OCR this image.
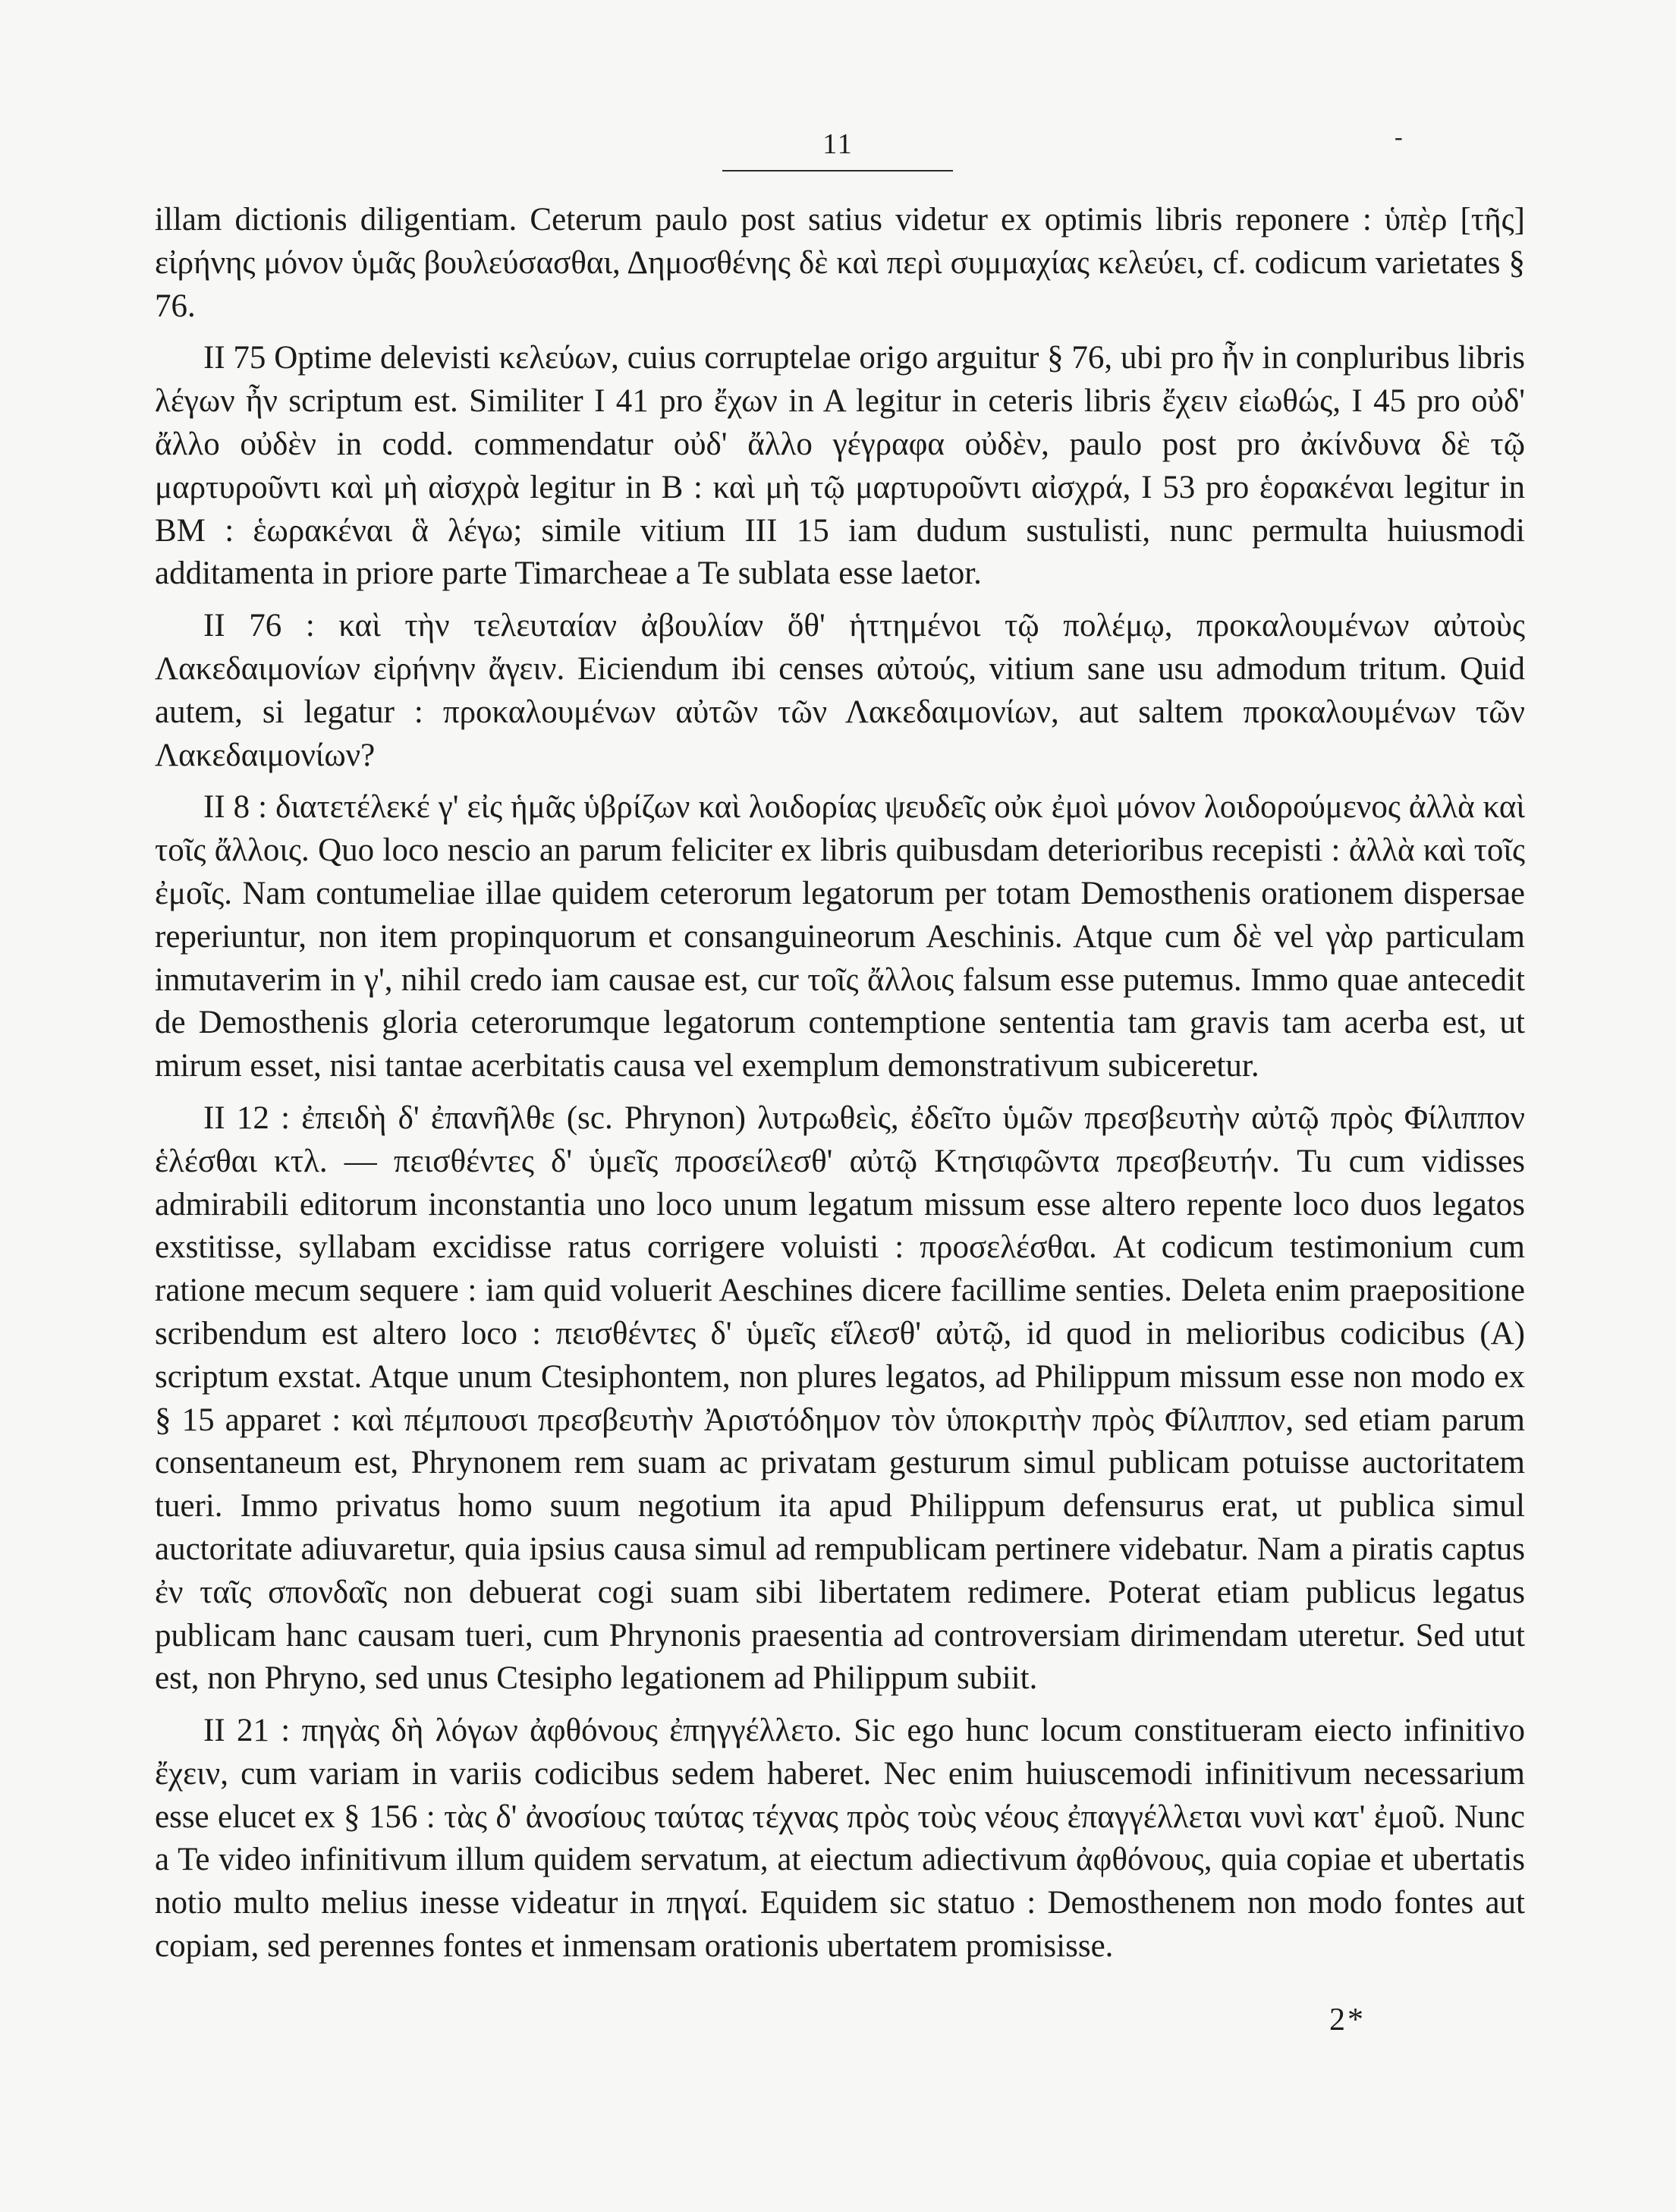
11	-

illam dictionis diligentiam. Ceterum paulo post satius videtur ex optimis libris reponere : ὑπὲρ [τῆς] εἰρήνης μόνον ὑμᾶς βουλεύσασθαι, Δημοσθένης δὲ καὶ περὶ συμμαχίας κελεύει, cf. codicum varietates § 76.

II 75 Optime delevisti κελεύων, cuius corruptelae origo arguitur § 76, ubi pro ἦν in conpluribus libris λέγων ἦν scriptum est. Similiter I 41 pro ἔχων in A legitur in ceteris libris ἔχειν εἰωθώς, I 45 pro οὐδ' ἄλλο οὐδὲν in codd. commendatur οὐδ' ἄλλο γέγραφα οὐδὲν, paulo post pro ἀκίνδυνα δὲ τῷ μαρτυροῦντι καὶ μὴ αἰσχρὰ legitur in B : καὶ μὴ τῷ μαρτυροῦντι αἰσχρά, I 53 pro ἑορακέναι legitur in BM : ἑωρακέναι ἃ λέγω; simile vitium III 15 iam dudum sustulisti, nunc permulta huiusmodi additamenta in priore parte Timarcheae a Te sublata esse laetor.

II 76 : καὶ τὴν τελευταίαν ἀβουλίαν ὅθ' ἡττημένοι τῷ πολέμῳ, προκαλουμένων αὐτοὺς Λακεδαιμονίων εἰρήνην ἄγειν. Eiciendum ibi censes αὐτούς, vitium sane usu admodum tritum. Quid autem, si legatur : προκαλουμένων αὐτῶν τῶν Λακεδαιμονίων, aut saltem προκαλουμένων τῶν Λακεδαιμονίων?

II 8 : διατετέλεκέ γ' εἰς ἡμᾶς ὑβρίζων καὶ λοιδορίας ψευδεῖς οὐκ ἐμοὶ μόνον λοιδορούμενος ἀλλὰ καὶ τοῖς ἄλλοις. Quo loco nescio an parum feliciter ex libris quibusdam deterioribus recepisti : ἀλλὰ καὶ τοῖς ἐμοῖς. Nam contumeliae illae quidem ceterorum legatorum per totam Demosthenis orationem dispersae reperiuntur, non item propinquorum et consanguineorum Aeschinis. Atque cum δὲ vel γὰρ particulam inmutaverim in γ', nihil credo iam causae est, cur τοῖς ἄλλοις falsum esse putemus. Immo quae antecedit de Demosthenis gloria ceterorumque legatorum contemptione sententia tam gravis tam acerba est, ut mirum esset, nisi tantae acerbitatis causa vel exemplum demonstrativum subiceretur.

II 12 : ἐπειδὴ δ' ἐπανῆλθε (sc. Phrynon) λυτρωθεὶς, ἐδεῖτο ὑμῶν πρεσβευτὴν αὐτῷ πρὸς Φίλιππον ἑλέσθαι κτλ. — πεισθέντες δ' ὑμεῖς προσείλεσθ' αὐτῷ Κτησιφῶντα πρεσβευτήν. Tu cum vidisses admirabili editorum inconstantia uno loco unum legatum missum esse altero repente loco duos legatos exstitisse, syllabam excidisse ratus corrigere voluisti : προσελέσθαι. At codicum testimonium cum ratione mecum sequere : iam quid voluerit Aeschines dicere facillime senties. Deleta enim praepositione scribendum est altero loco : πεισθέντες δ' ὑμεῖς εἵλεσθ' αὐτῷ, id quod in melioribus codicibus (A) scriptum exstat. Atque unum Ctesiphontem, non plures legatos, ad Philippum missum esse non modo ex § 15 apparet : καὶ πέμπουσι πρεσβευτὴν Ἀριστόδημον τὸν ὑποκριτὴν πρὸς Φίλιππον, sed etiam parum consentaneum est, Phrynonem rem suam ac privatam gesturum simul publicam potuisse auctoritatem tueri. Immo privatus homo suum negotium ita apud Philippum defensurus erat, ut publica simul auctoritate adiuvaretur, quia ipsius causa simul ad rempublicam pertinere videbatur. Nam a piratis captus ἐν ταῖς σπονδαῖς non debuerat cogi suam sibi libertatem redimere. Poterat etiam publicus legatus publicam hanc causam tueri, cum Phrynonis praesentia ad controversiam dirimendam uteretur. Sed utut est, non Phryno, sed unus Ctesipho legationem ad Philippum subiit.

II 21 : πηγὰς δὴ λόγων ἀφθόνους ἐπηγγέλλετο. Sic ego hunc locum constitueram eiecto infinitivo ἔχειν, cum variam in variis codicibus sedem haberet. Nec enim huiuscemodi infinitivum necessarium esse elucet ex § 156 : τὰς δ' ἀνοσίους ταύτας τέχνας πρὸς τοὺς νέους ἐπαγγέλλεται νυνὶ κατ' ἐμοῦ. Nunc a Te video infinitivum illum quidem servatum, at eiectum adiectivum ἀφθόνους, quia copiae et ubertatis notio multo melius inesse videatur in πηγαί. Equidem sic statuo : Demosthenem non modo fontes aut copiam, sed perennes fontes et inmensam orationis ubertatem promisisse.

2*
